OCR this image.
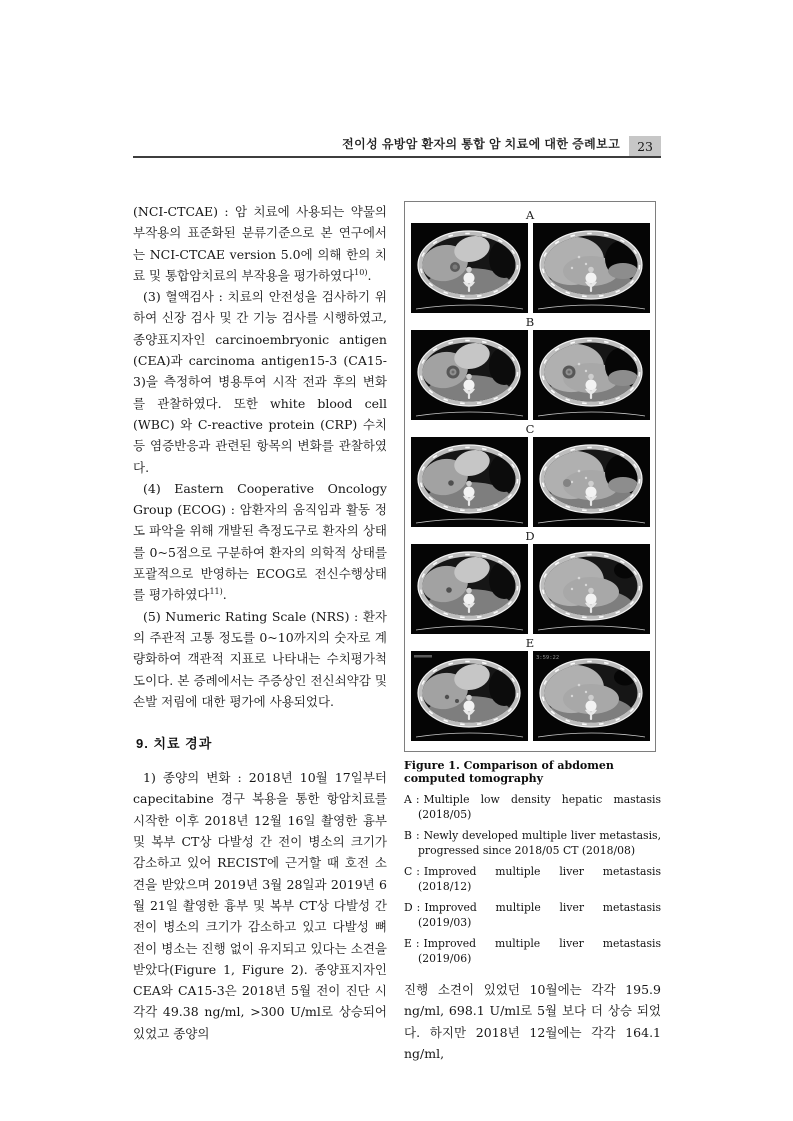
전이성 유방암 환자의 통합 암 치료에 대한 증례보고	23

(NCI-CTCAE) : 암 치료에 사용되는 약물의 부작용의 표준화된 분류기준으로 본 연구에서는 NCI-CTCAE version 5.0에 의해 한의 치료 및 통합암치료의 부작용을 평가하였다$^{10)}$.

(3) 혈액검사 : 치료의 안전성을 검사하기 위하여 신장 검사 및 간 기능 검사를 시행하였고, 종양표지자인 carcinoembryonic antigen (CEA)과 carcinoma antigen15-3 (CA15-3)을 측정하여 병용투여 시작 전과 후의 변화를 관찰하였다. 또한 white blood cell (WBC) 와 C-reactive protein (CRP) 수치 등 염증반응과 관련된 항목의 변화를 관찰하였다.

(4) Eastern Cooperative Oncology Group (ECOG) : 암환자의 움직임과 활동 정도 파악을 위해 개발된 측정도구로 환자의 상태를 0~5점으로 구분하여 환자의 의학적 상태를 포괄적으로 반영하는 ECOG로 전신수행상태를 평가하였다$^{11)}$.

(5) Numeric Rating Scale (NRS) : 환자의 주관적 고통 정도를 0~10까지의 숫자로 계량화하여 객관적 지표로 나타내는 수치평가척도이다. 본 증례에서는 주증상인 전신쇠약감 및 손발 저림에 대한 평가에 사용되었다.

9. 치료 경과

1) 종양의 변화 : 2018년 10월 17일부터 capecitabine 경구 복용을 통한 항암치료를 시작한 이후 2018년 12월 16일 촬영한 흉부 및 복부 CT상 다발성 간 전이 병소의 크기가 감소하고 있어 RECIST에 근거할 때 호전 소견을 받았으며 2019년 3월 28일과 2019년 6월 21일 촬영한 흉부 및 복부 CT상 다발성 간 전이 병소의 크기가 감소하고 있고 다발성 뼈 전이 병소는 진행 없이 유지되고 있다는 소견을 받았다(Figure 1, Figure 2). 종양표지자인 CEA와 CA15-3은 2018년 5월 전이 진단 시 각각 49.38 ng/ml, >300 U/ml로 상승되어 있었고 종양의

A
B
C
D
E
3:59:22
Figure 1. Comparison of abdomen computed tomography
A : Multiple low density hepatic mastasis (2018/05)
B : Newly developed multiple liver metastasis, progressed since 2018/05 CT (2018/08)
C : Improved multiple liver metastasis (2018/12)
D : Improved multiple liver metastasis (2019/03)
E : Improved multiple liver metastasis (2019/06)

진행 소견이 있었던 10월에는 각각 195.9 ng/ml, 698.1 U/ml로 5월 보다 더 상승 되었다. 하지만 2018년 12월에는 각각 164.1 ng/ml,
